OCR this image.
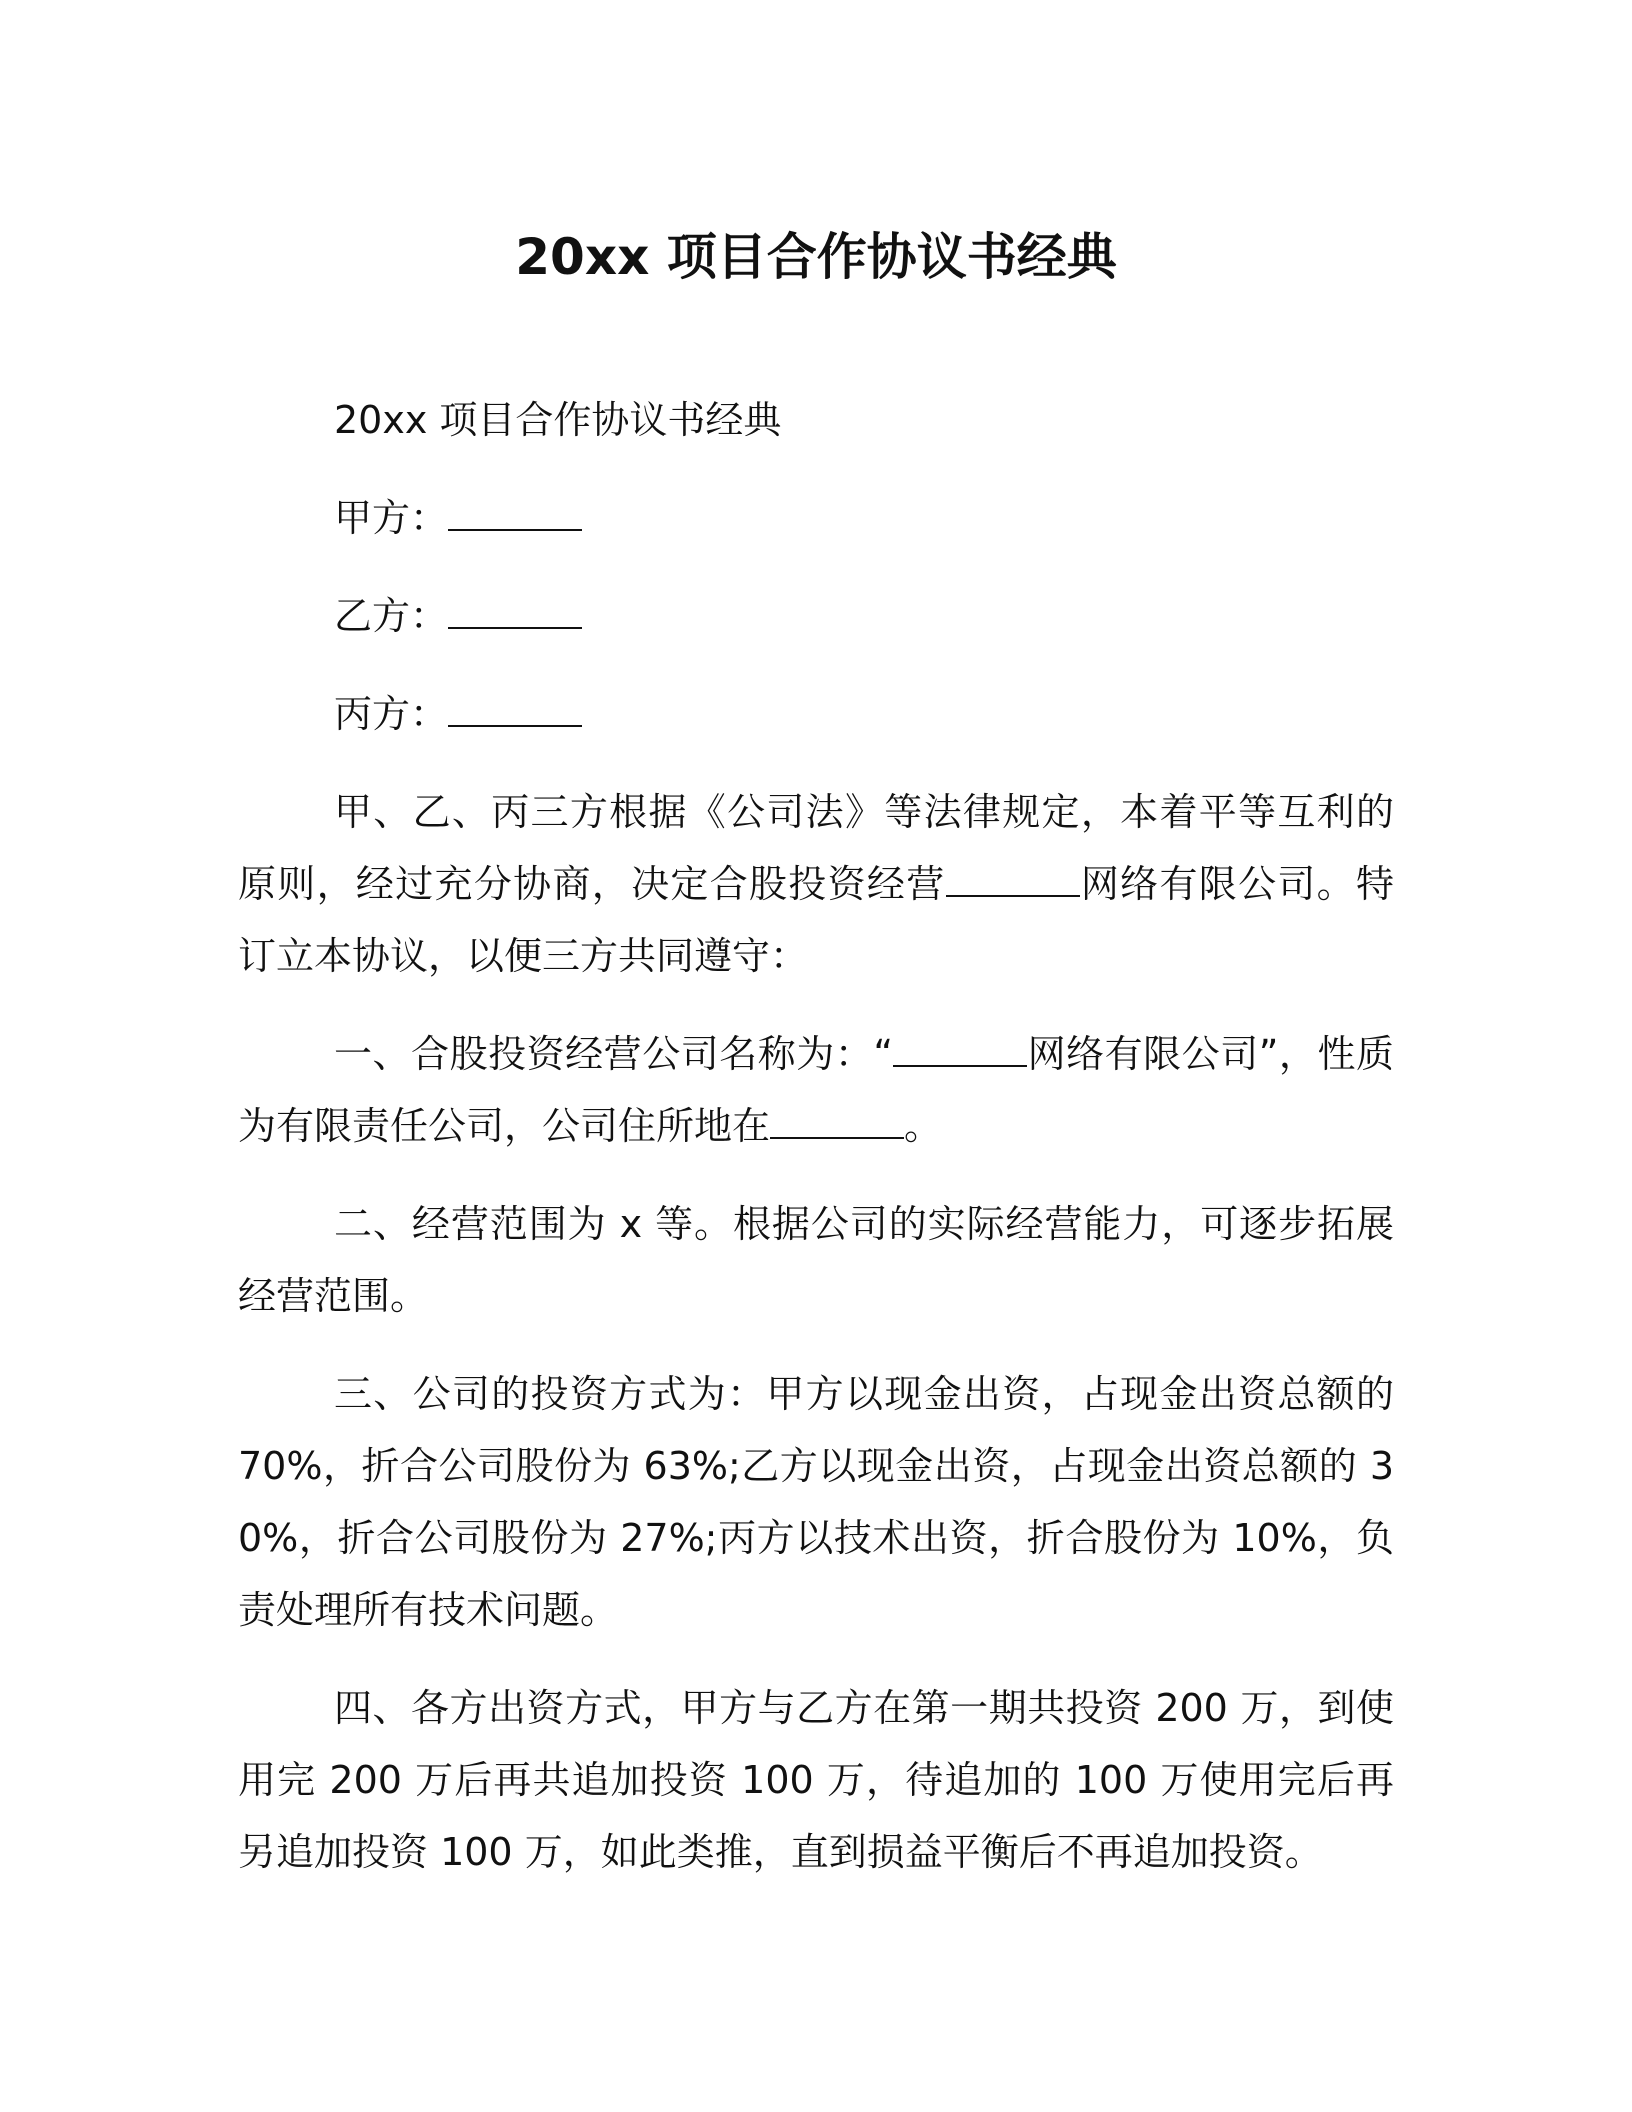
20xx 项目合作协议书经典

20xx 项目合作协议书经典

甲方：

乙方：

丙方：

甲、乙、丙三方根据《公司法》等法律规定，本着平等互利的原则，经过充分协商，决定合股投资经营	网络有限公司。特订立本协议，以便三方共同遵守：

一、合股投资经营公司名称为：“	网络有限公司”，性质为有限责任公司，公司住所地在	。

二、经营范围为 x 等。根据公司的实际经营能力，可逐步拓展经营范围。

三、公司的投资方式为：甲方以现金出资，占现金出资总额的 70%，折合公司股份为 63%;乙方以现金出资，占现金出资总额的 30%，折合公司股份为 27%;丙方以技术出资，折合股份为 10%，负责处理所有技术问题。

四、各方出资方式，甲方与乙方在第一期共投资 200 万，到使用完 200 万后再共追加投资 100 万，待追加的 100 万使用完后再另追加投资 100 万，如此类推，直到损益平衡后不再追加投资。
